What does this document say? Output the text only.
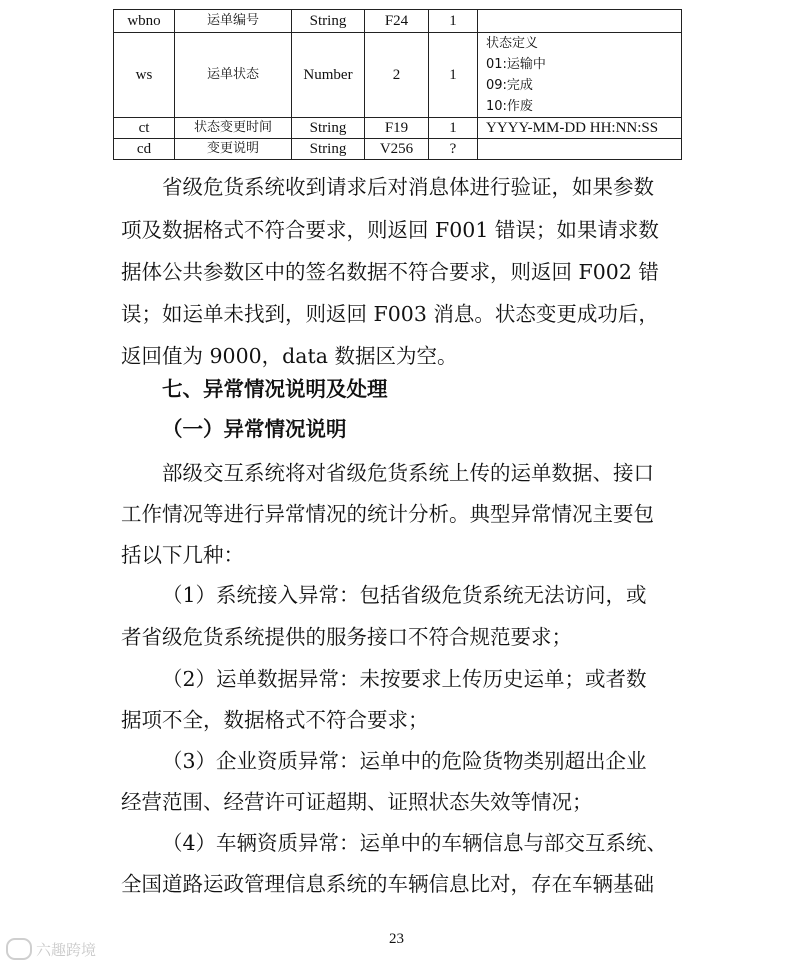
wbno	运单编号	String	F24	1	
ws	运单状态	Number	2	1	状态定义
01:运输中
09:完成
10:作废

ct	状态变更时间	String	F19	1	YYYY-MM-DD HH:NN:SS
cd	变更说明	String	V256	?	

省级危货系统收到请求后对消息体进行验证，如果参数

项及数据格式不符合要求，则返回 F001 错误；如果请求数

据体公共参数区中的签名数据不符合要求，则返回 F002 错

误；如运单未找到，则返回 F003 消息。状态变更成功后，

返回值为 9000，data 数据区为空。

七、异常情况说明及处理
（一）异常情况说明

部级交互系统将对省级危货系统上传的运单数据、接口

工作情况等进行异常情况的统计分析。典型异常情况主要包

括以下几种：

（1）系统接入异常：包括省级危货系统无法访问，或

者省级危货系统提供的服务接口不符合规范要求；

（2）运单数据异常：未按要求上传历史运单；或者数

据项不全，数据格式不符合要求；

（3）企业资质异常：运单中的危险货物类别超出企业

经营范围、经营许可证超期、证照状态失效等情况；

（4）车辆资质异常：运单中的车辆信息与部交互系统、

全国道路运政管理信息系统的车辆信息比对，存在车辆基础

23

六趣跨境
